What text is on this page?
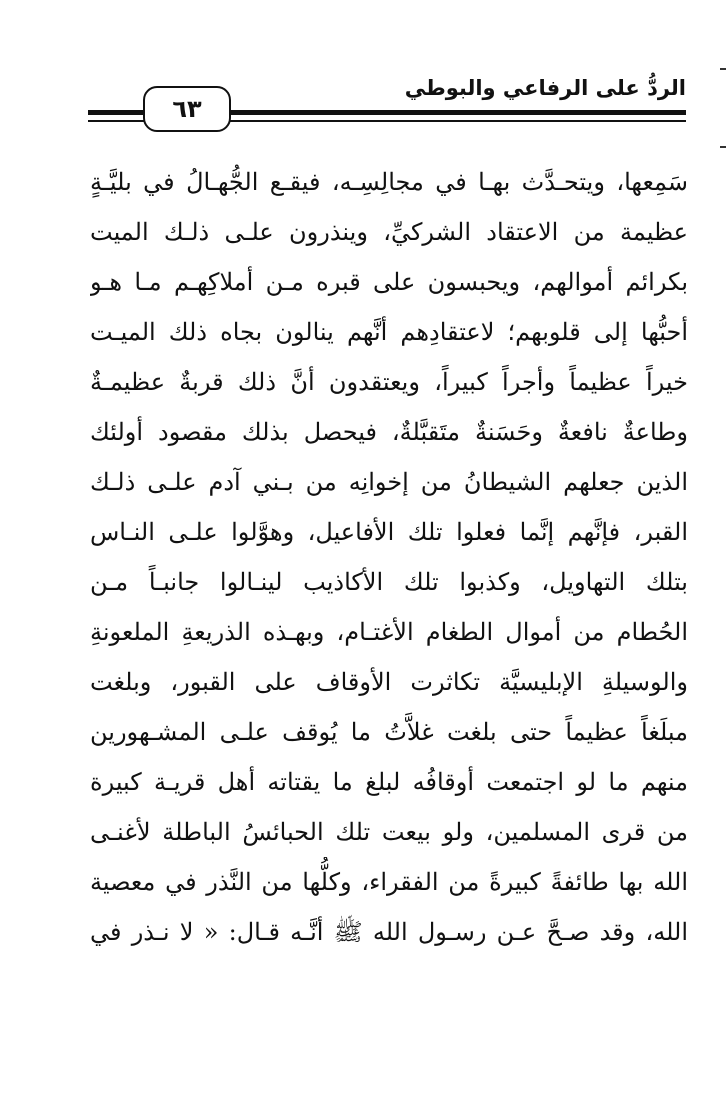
الردُّ على الرفاعي والبوطي
٦٣
سَمِعها، ويتحـدَّث بهـا في مجالِسِـه، فيقـع الجُّهـالُ في بليَّـةٍ
عظيمة من الاعتقاد الشركيِّ، وينذرون علـى ذلـك الميت
بكرائم أموالهم، ويحبسون على قبره مـن أملاكِهـم مـا هـو
أحبُّها إلى قلوبهم؛ لاعتقادِهم أنَّهم ينالون بجاه ذلك الميـت
خيراً عظيماً وأجراً كبيراً، ويعتقدون أنَّ ذلك قربةٌ عظيمـةٌ
وطاعةٌ نافعةٌ وحَسَنةٌ متَقبَّلةٌ، فيحصل بذلك مقصود أولئك
الذين جعلهم الشيطانُ من إخوانِه من بـني آدم علـى ذلـك
القبر، فإنَّهم إنَّما فعلوا تلك الأفاعيل، وهوَّلوا علـى النـاس
بتلك التهاويل، وكذبوا تلك الأكاذيب لينـالوا جانبـاً مـن
الحُطام من أموال الطغام الأغتـام، وبهـذه الذريعةِ الملعونةِ
والوسيلةِ الإبليسيَّة تكاثرت الأوقاف على القبور، وبلغت
مبلَغاً عظيماً حتى بلغت غلاَّتُ ما يُوقف علـى المشـهورين
منهم ما لو اجتمعت أوقافُه لبلغ ما يقتاته أهل قريـة كبيرة
من قرى المسلمين، ولو بيعت تلك الحبائسُ الباطلة لأغنـى
الله بها طائفةً كبيرةً من الفقراء، وكلُّها من النَّذر في معصية
الله، وقد صـحَّ عـن رسـول الله ﷺ أنَّـه قـال: « لا نـذر في
